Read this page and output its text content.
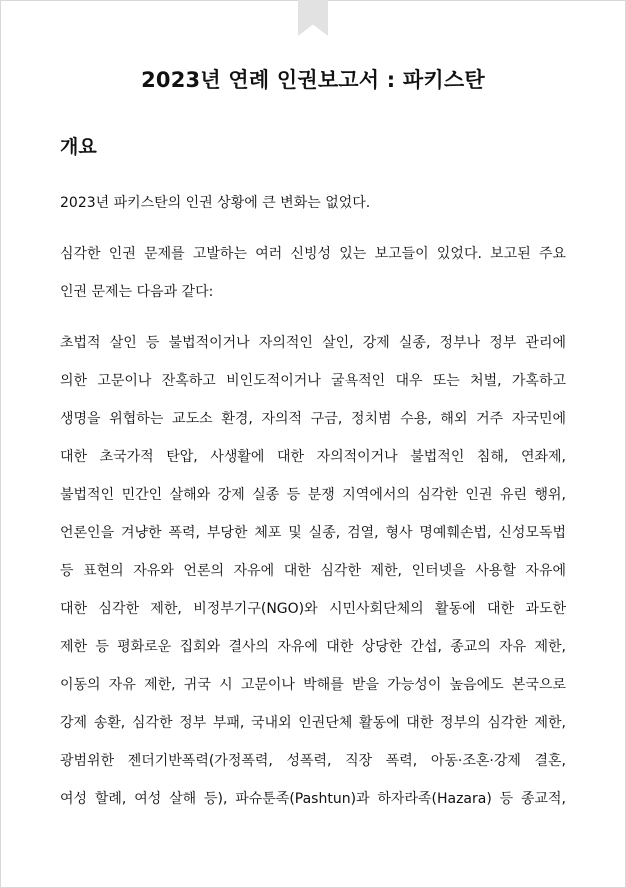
2023년 연례 인권보고서 : 파키스탄
개요

2023년 파키스탄의 인권 상황에 큰 변화는 없었다.

심각한 인권 문제를 고발하는 여러 신빙성 있는 보고들이 있었다. 보고된 주요
인권 문제는 다음과 같다:

초법적 살인 등 불법적이거나 자의적인 살인, 강제 실종, 정부나 정부 관리에
의한 고문이나 잔혹하고 비인도적이거나 굴욕적인 대우 또는 처벌, 가혹하고
생명을 위협하는 교도소 환경, 자의적 구금, 정치범 수용, 해외 거주 자국민에
대한 초국가적 탄압, 사생활에 대한 자의적이거나 불법적인 침해, 연좌제,
불법적인 민간인 살해와 강제 실종 등 분쟁 지역에서의 심각한 인권 유린 행위,
언론인을 겨냥한 폭력, 부당한 체포 및 실종, 검열, 형사 명예훼손법, 신성모독법
등 표현의 자유와 언론의 자유에 대한 심각한 제한, 인터넷을 사용할 자유에
대한 심각한 제한, 비정부기구(NGO)와 시민사회단체의 활동에 대한 과도한
제한 등 평화로운 집회와 결사의 자유에 대한 상당한 간섭, 종교의 자유 제한,
이동의 자유 제한, 귀국 시 고문이나 박해를 받을 가능성이 높음에도 본국으로
강제 송환, 심각한 정부 부패, 국내외 인권단체 활동에 대한 정부의 심각한 제한,
광범위한 젠더기반폭력(가정폭력, 성폭력, 직장 폭력, 아동·조혼·강제 결혼,
여성 할례, 여성 살해 등), 파슈툰족(Pashtun)과 하자라족(Hazara) 등 종교적,
